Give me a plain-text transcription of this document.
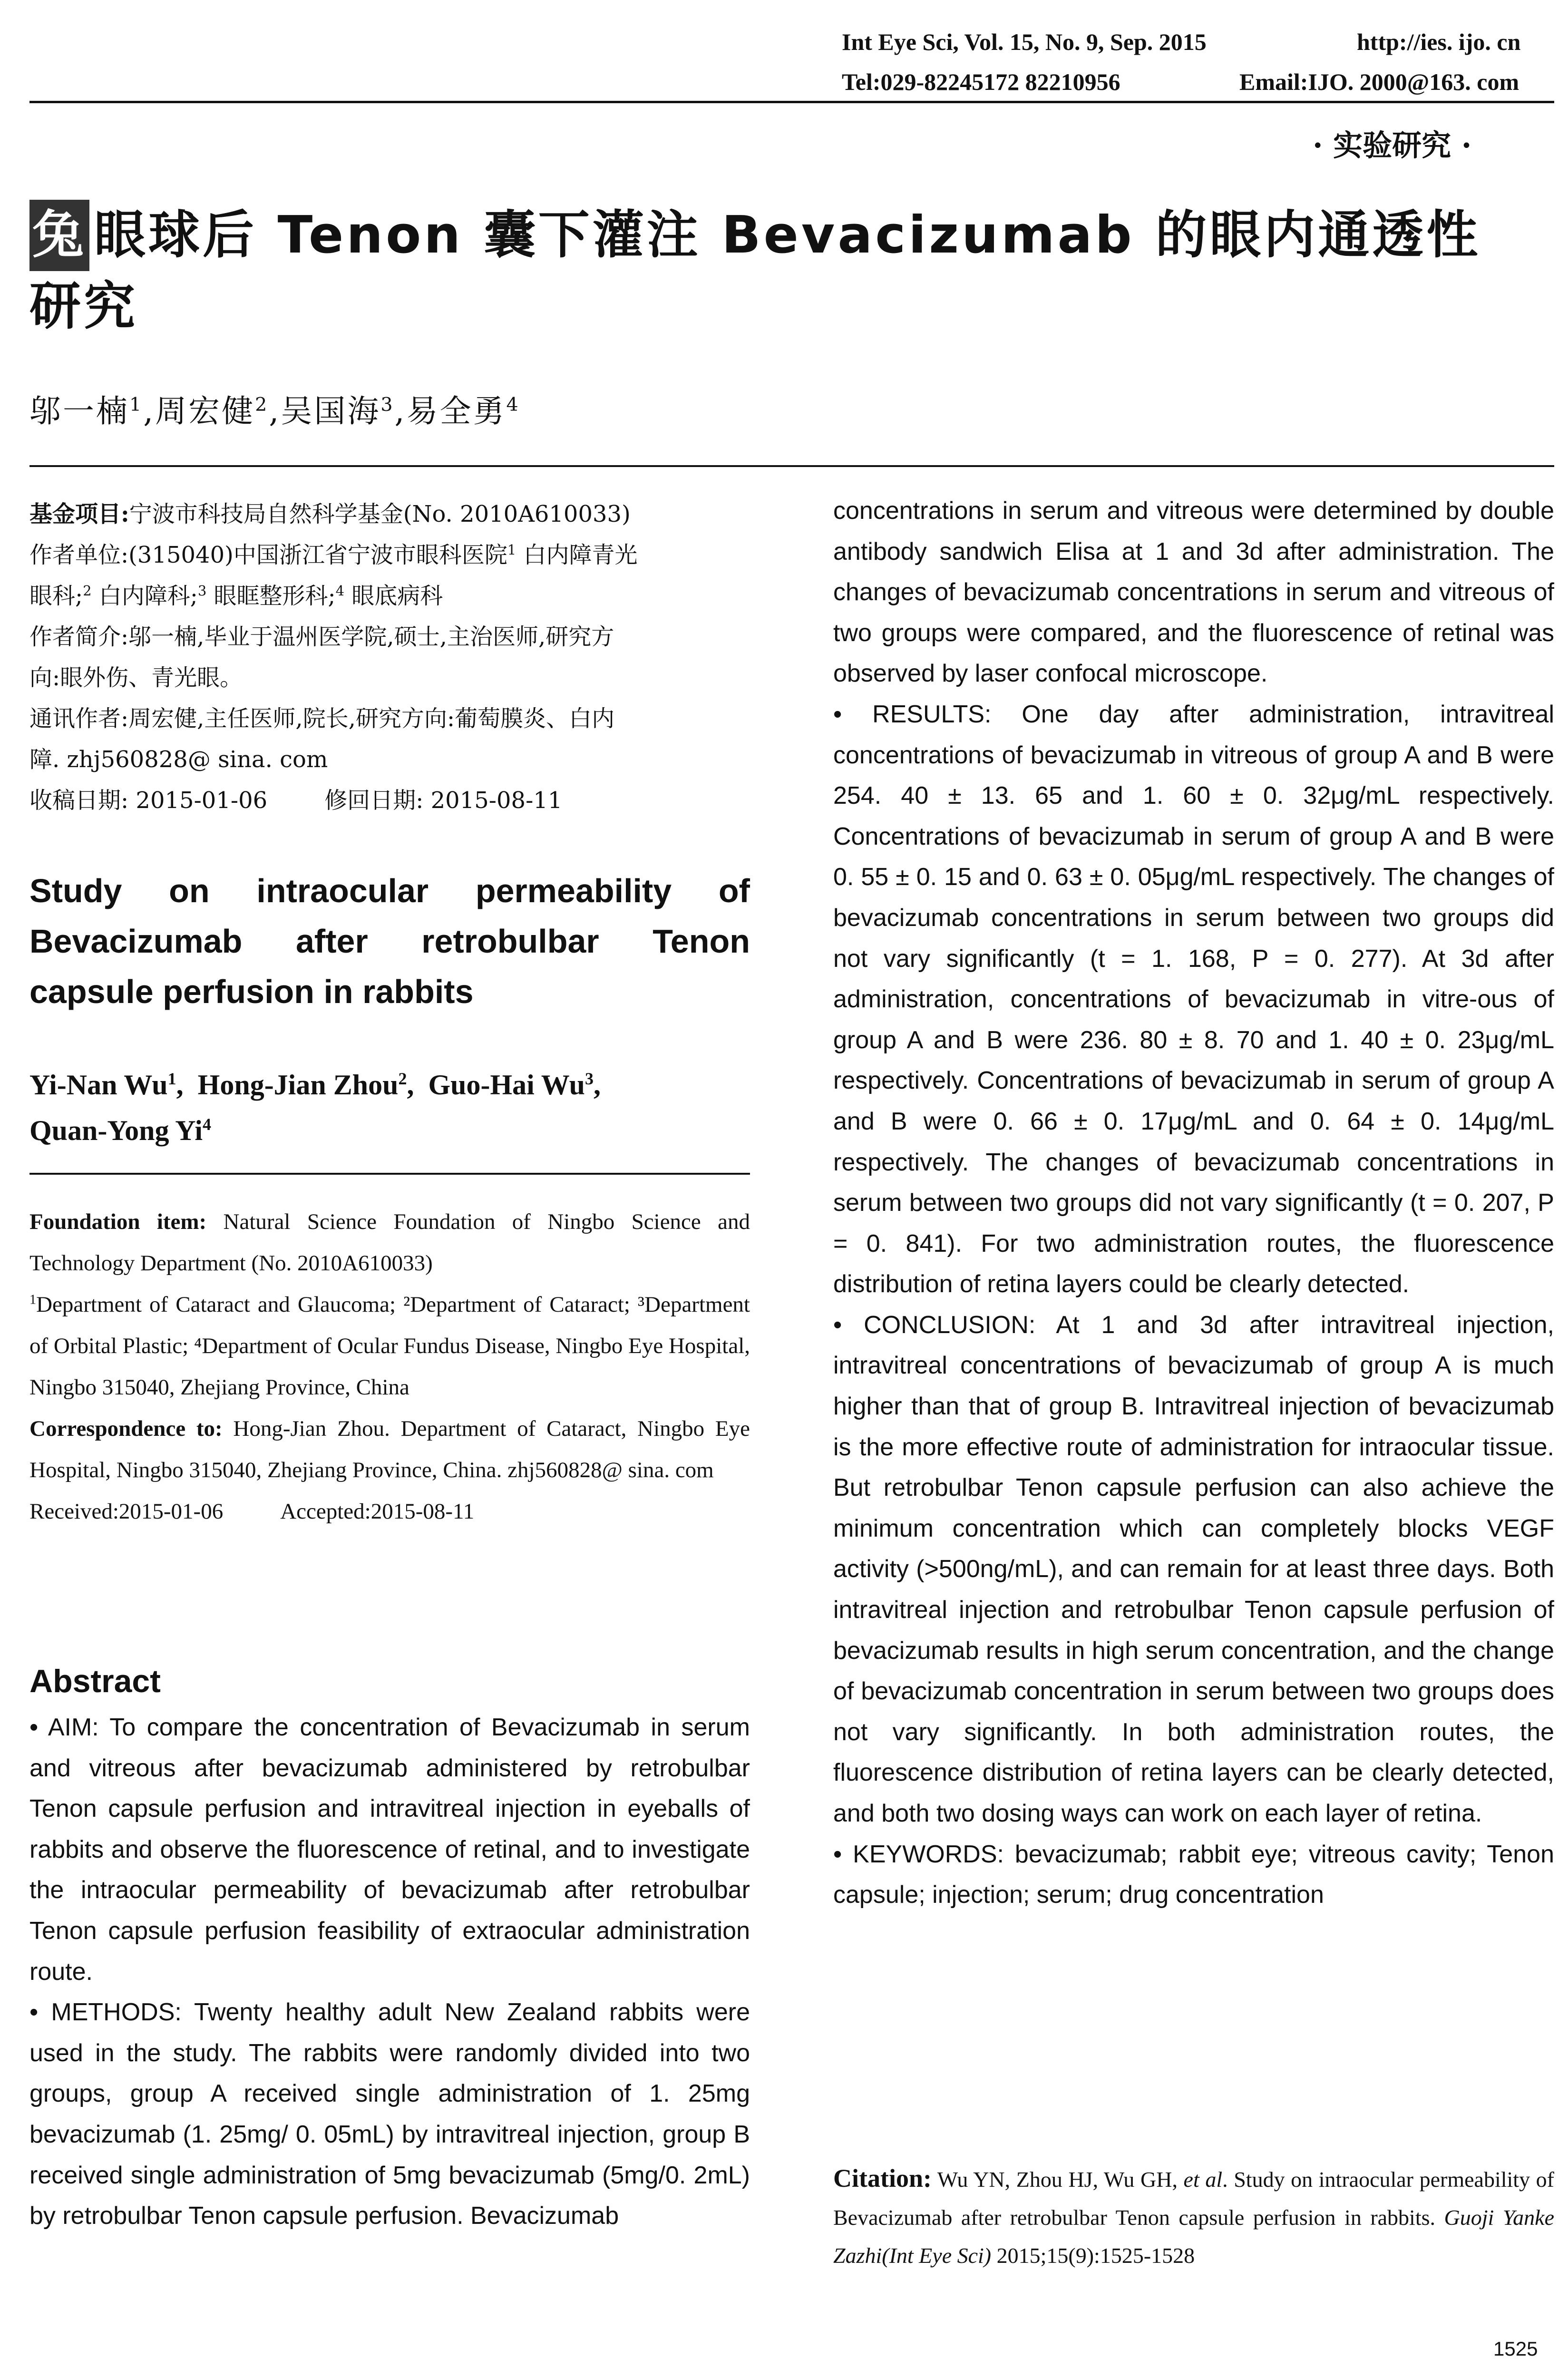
Int Eye Sci, Vol. 15, No. 9, Sep. 2015	http://ies. ijo. cn
Tel:029-82245172 82210956	Email:IJO. 2000@163. com
· 实验研究 ·
兔 眼球后 Tenon 囊下灌注 Bevacizumab 的眼内通透性
研究
邬一楠$^1$,周宏健$^2$,吴国海$^3$,易全勇$^4$
基金项目:宁波市科技局自然科学基金(No. 2010A610033)
作者单位:(315040)中国浙江省宁波市眼科医院$^1$ 白内障青光
眼科;$^2$ 白内障科;$^3$ 眼眶整形科;$^4$ 眼底病科
作者简介:邬一楠,毕业于温州医学院,硕士,主治医师,研究方
向:眼外伤、青光眼。
通讯作者:周宏健,主任医师,院长,研究方向:葡萄膜炎、白内
障. zhj560828@ sina. com
收稿日期: 2015-01-06	修回日期: 2015-08-11
Study on intraocular permeability of
Bevacizumab after retrobulbar Tenon
capsule perfusion in rabbits
Yi-Nan Wu$^1$,  Hong-Jian Zhou$^2$,  Guo-Hai Wu$^3$,
Quan-Yong Yi$^4$
Foundation item: Natural Science Foundation of Ningbo Science and Technology Department (No. 2010A610033)
$^1$Department of Cataract and Glaucoma; ²Department of Cataract; ³Department of Orbital Plastic; ⁴Department of Ocular Fundus Disease, Ningbo Eye Hospital, Ningbo 315040, Zhejiang Province, China
Correspondence to: Hong-Jian Zhou. Department of Cataract, Ningbo Eye Hospital, Ningbo 315040, Zhejiang Province, China. zhj560828@ sina. com
Received:2015-01-06	Accepted:2015-08-11
Abstract

• AIM: To compare the concentration of Bevacizumab in serum and vitreous after bevacizumab administered by retrobulbar Tenon capsule perfusion and intravitreal injection in eyeballs of rabbits and observe the fluorescence of retinal, and to investigate the intraocular permeability of bevacizumab after retrobulbar Tenon capsule perfusion feasibility of extraocular administration route.

• METHODS: Twenty healthy adult New Zealand rabbits were used in the study. The rabbits were randomly divided into two groups, group A received single administration of 1. 25mg bevacizumab (1. 25mg/ 0. 05mL) by intravitreal injection, group B received single administration of 5mg bevacizumab (5mg/0. 2mL) by retrobulbar Tenon capsule perfusion. Bevacizumab

concentrations in serum and vitreous were determined by double antibody sandwich Elisa at 1 and 3d after administration. The changes of bevacizumab concentrations in serum and vitreous of two groups were compared, and the fluorescence of retinal was observed by laser confocal microscope.

• RESULTS: One day after administration, intravitreal concentrations of bevacizumab in vitreous of group A and B were 254. 40 ± 13. 65 and 1. 60 ± 0. 32μg/mL respectively. Concentrations of bevacizumab in serum of group A and B were 0. 55 ± 0. 15 and 0. 63 ± 0. 05μg/mL respectively. The changes of bevacizumab concentrations in serum between two groups did not vary significantly (t = 1. 168, P = 0. 277). At 3d after administration, concentrations of bevacizumab in vitre-ous of group A and B were 236. 80 ± 8. 70 and 1. 40 ± 0. 23μg/mL respectively. Concentrations of bevacizumab in serum of group A and B were 0. 66 ± 0. 17μg/mL and 0. 64 ± 0. 14μg/mL respectively. The changes of bevacizumab concentrations in serum between two groups did not vary significantly (t = 0. 207, P = 0. 841). For two administration routes, the fluorescence distribution of retina layers could be clearly detected.

• CONCLUSION: At 1 and 3d after intravitreal injection, intravitreal concentrations of bevacizumab of group A is much higher than that of group B. Intravitreal injection of bevacizumab is the more effective route of administration for intraocular tissue. But retrobulbar Tenon capsule perfusion can also achieve the minimum concentration which can completely blocks VEGF activity (>500ng/mL), and can remain for at least three days. Both intravitreal injection and retrobulbar Tenon capsule perfusion of bevacizumab results in high serum concentration, and the change of bevacizumab concentration in serum between two groups does not vary significantly. In both administration routes, the fluorescence distribution of retina layers can be clearly detected, and both two dosing ways can work on each layer of retina.

• KEYWORDS: bevacizumab; rabbit eye; vitreous cavity; Tenon capsule; injection; serum; drug concentration

Citation: Wu YN, Zhou HJ, Wu GH, et al. Study on intraocular permeability of Bevacizumab after retrobulbar Tenon capsule perfusion in rabbits. Guoji Yanke Zazhi(Int Eye Sci) 2015;15(9):1525-1528
1525
